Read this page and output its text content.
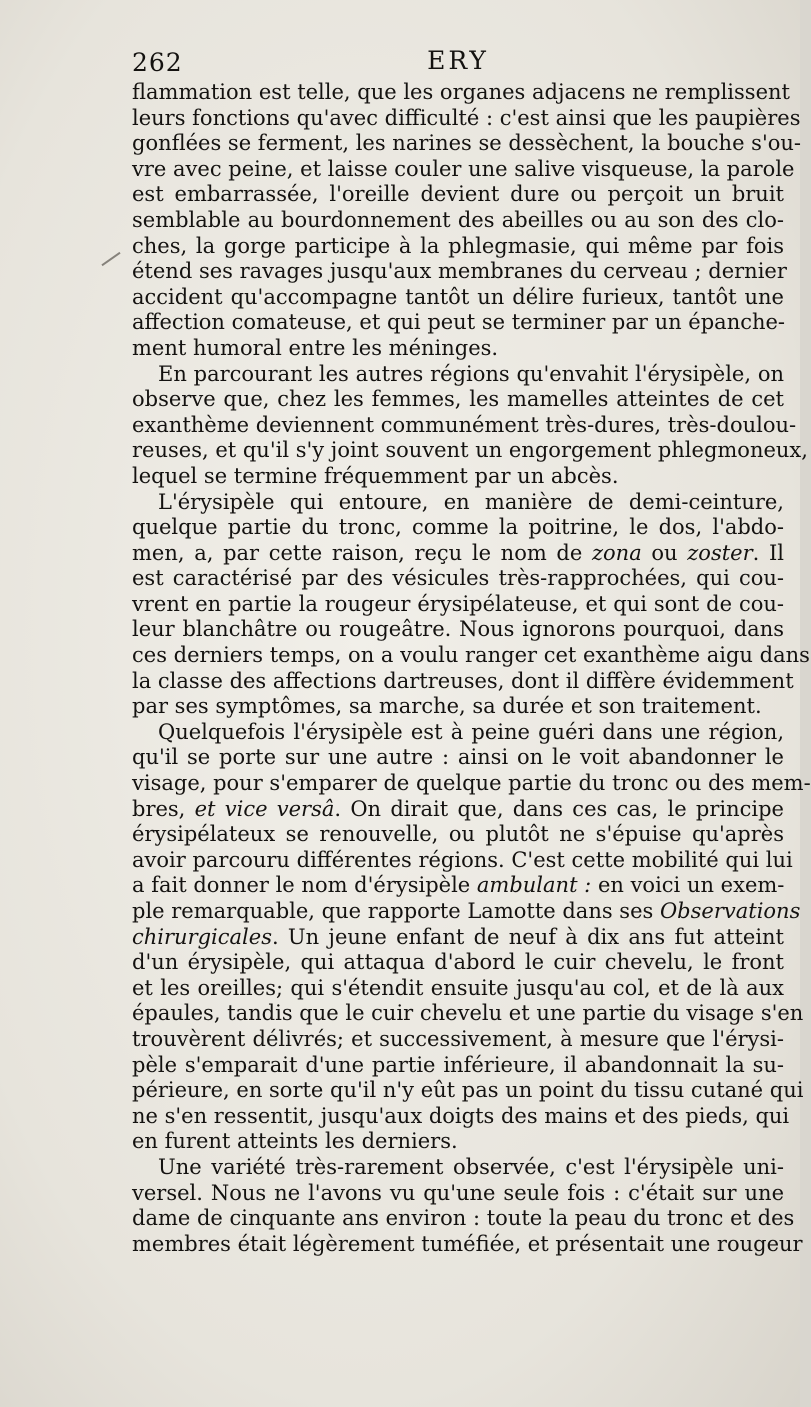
262	ERY
flammation est telle, que les organes adjacens ne remplissent
leurs fonctions qu'avec difficulté : c'est ainsi que les paupières
gonflées se ferment, les narines se dessèchent, la bouche s'ou-
vre avec peine, et laisse couler une salive visqueuse, la parole
est embarrassée, l'oreille devient dure ou perçoit un bruit
semblable au bourdonnement des abeilles ou au son des clo-
ches, la gorge participe à la phlegmasie, qui même par fois
étend ses ravages jusqu'aux membranes du cerveau ; dernier
accident qu'accompagne tantôt un délire furieux, tantôt une
affection comateuse, et qui peut se terminer par un épanche-
ment humoral entre les méninges.
En parcourant les autres régions qu'envahit l'érysipèle, on
observe que, chez les femmes, les mamelles atteintes de cet
exanthème deviennent communément très-dures, très-doulou-
reuses, et qu'il s'y joint souvent un engorgement phlegmoneux,
lequel se termine fréquemment par un abcès.
L'érysipèle qui entoure, en manière de demi-ceinture,
quelque partie du tronc, comme la poitrine, le dos, l'abdo-
men, a, par cette raison, reçu le nom de zona ou zoster. Il
est caractérisé par des vésicules très-rapprochées, qui cou-
vrent en partie la rougeur érysipélateuse, et qui sont de cou-
leur blanchâtre ou rougeâtre. Nous ignorons pourquoi, dans
ces derniers temps, on a voulu ranger cet exanthème aigu dans
la classe des affections dartreuses, dont il diffère évidemment
par ses symptômes, sa marche, sa durée et son traitement.
Quelquefois l'érysipèle est à peine guéri dans une région,
qu'il se porte sur une autre : ainsi on le voit abandonner le
visage, pour s'emparer de quelque partie du tronc ou des mem-
bres, et vice versâ. On dirait que, dans ces cas, le principe
érysipélateux se renouvelle, ou plutôt ne s'épuise qu'après
avoir parcouru différentes régions. C'est cette mobilité qui lui
a fait donner le nom d'érysipèle ambulant : en voici un exem-
ple remarquable, que rapporte Lamotte dans ses Observations
chirurgicales. Un jeune enfant de neuf à dix ans fut atteint
d'un érysipèle, qui attaqua d'abord le cuir chevelu, le front
et les oreilles; qui s'étendit ensuite jusqu'au col, et de là aux
épaules, tandis que le cuir chevelu et une partie du visage s'en
trouvèrent délivrés; et successivement, à mesure que l'érysi-
pèle s'emparait d'une partie inférieure, il abandonnait la su-
périeure, en sorte qu'il n'y eût pas un point du tissu cutané qui
ne s'en ressentit, jusqu'aux doigts des mains et des pieds, qui
en furent atteints les derniers.
Une variété très-rarement observée, c'est l'érysipèle uni-
versel. Nous ne l'avons vu qu'une seule fois : c'était sur une
dame de cinquante ans environ : toute la peau du tronc et des
membres était légèrement tuméfiée, et présentait une rougeur
